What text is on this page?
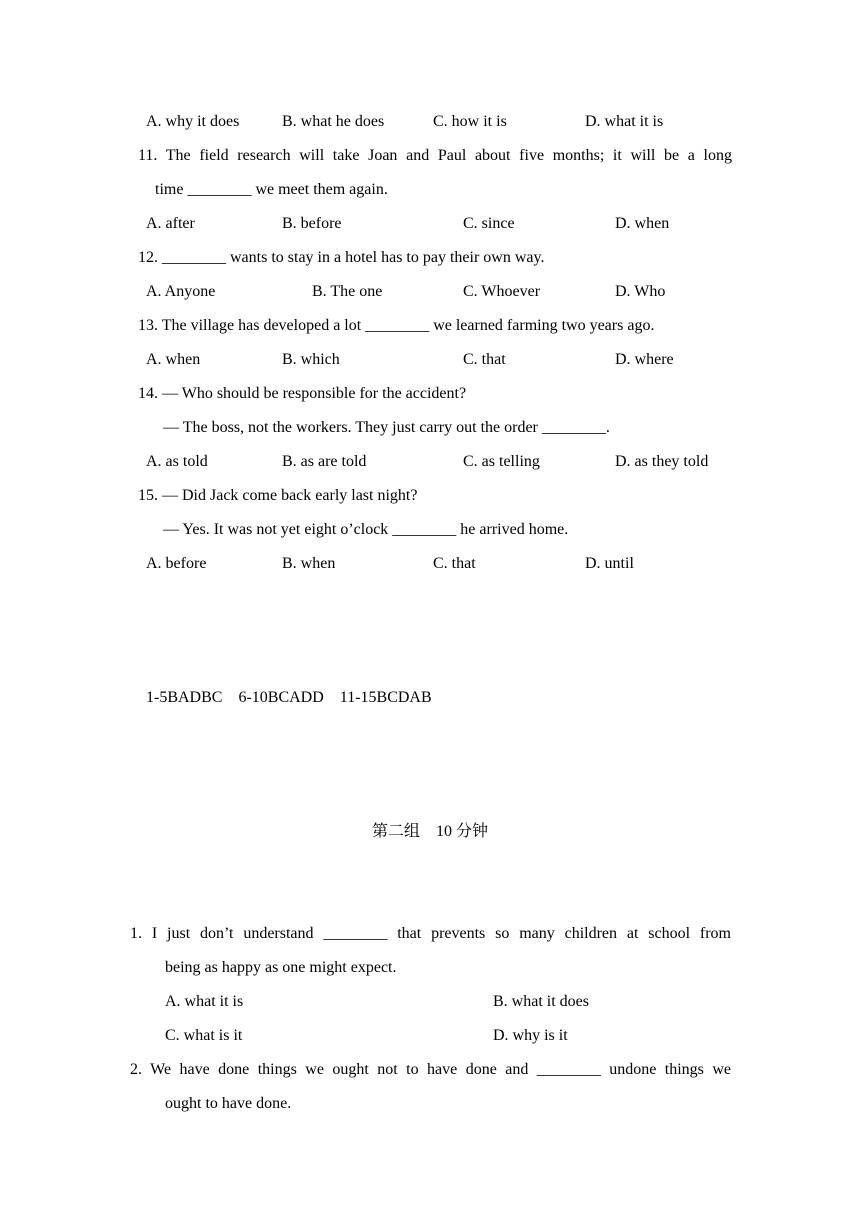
A. why it does	B. what he does	C. how it is	D. what it is
11. The field research will take Joan and Paul about five months; it will be a long
time ________ we meet them again.
A. after	B. before	C. since	D. when
12. ________ wants to stay in a hotel has to pay their own way.
A. Anyone	B. The one	C. Whoever	D. Who
13. The village has developed a lot ________ we learned farming two years ago.
A. when	B. which	C. that	D. where
14. — Who should be responsible for the accident?
— The boss, not the workers. They just carry out the order ________.
A. as told	B. as are told	C. as telling	D. as they told
15. — Did Jack come back early last night?
— Yes. It was not yet eight o’clock ________ he arrived home.
A. before	B. when	C. that	D. until
1-5BADBC　6-10BCADD　11-15BCDAB
第二组　10 分钟
1. I just don’t understand ________ that prevents so many children at school from
being as happy as one might expect.
A. what it is	B. what it does
C. what is it	D. why is it
2. We have done things we ought not to have done and ________ undone things we
ought to have done.
